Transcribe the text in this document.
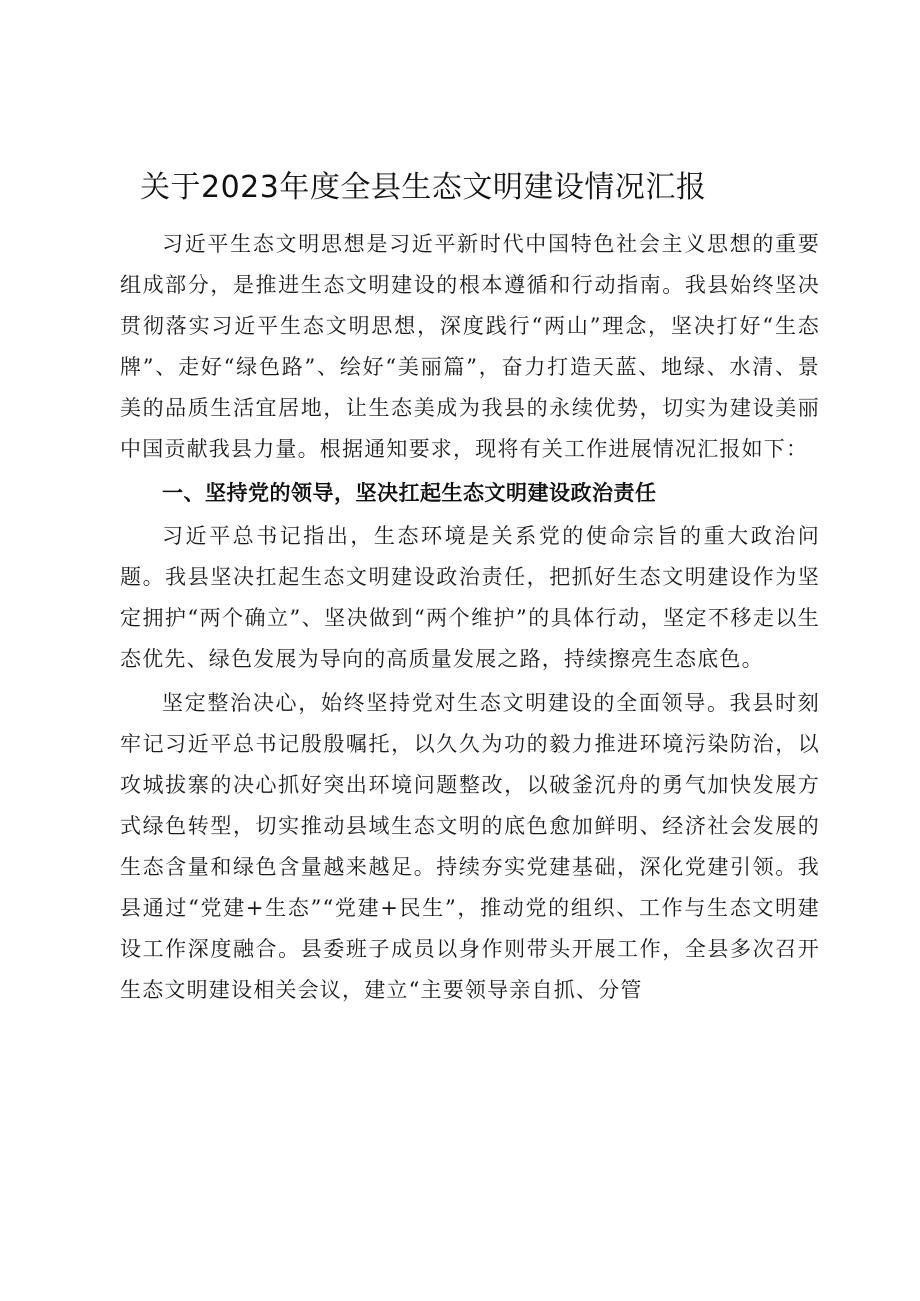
关于2023年度全县生态文明建设情况汇报

习近平生态文明思想是习近平新时代中国特色社会主义思想的重要组成部分，是推进生态文明建设的根本遵循和行动指南。我县始终坚决贯彻落实习近平生态文明思想，深度践行“两山”理念，坚决打好“生态牌”、走好“绿色路”、绘好“美丽篇”，奋力打造天蓝、地绿、水清、景美的品质生活宜居地，让生态美成为我县的永续优势，切实为建设美丽中国贡献我县力量。根据通知要求，现将有关工作进展情况汇报如下：

一、坚持党的领导，坚决扛起生态文明建设政治责任

习近平总书记指出，生态环境是关系党的使命宗旨的重大政治问题。我县坚决扛起生态文明建设政治责任，把抓好生态文明建设作为坚定拥护“两个确立”、坚决做到“两个维护”的具体行动，坚定不移走以生态优先、绿色发展为导向的高质量发展之路，持续擦亮生态底色。

坚定整治决心，始终坚持党对生态文明建设的全面领导。我县时刻牢记习近平总书记殷殷嘱托，以久久为功的毅力推进环境污染防治，以攻城拔寨的决心抓好突出环境问题整改，以破釜沉舟的勇气加快发展方式绿色转型，切实推动县域生态文明的底色愈加鲜明、经济社会发展的生态含量和绿色含量越来越足。持续夯实党建基础，深化党建引领。我县通过“党建+生态”“党建+民生”，推动党的组织、工作与生态文明建设工作深度融合。县委班子成员以身作则带头开展工作，全县多次召开生态文明建设相关会议，建立“主要领导亲自抓、分管
